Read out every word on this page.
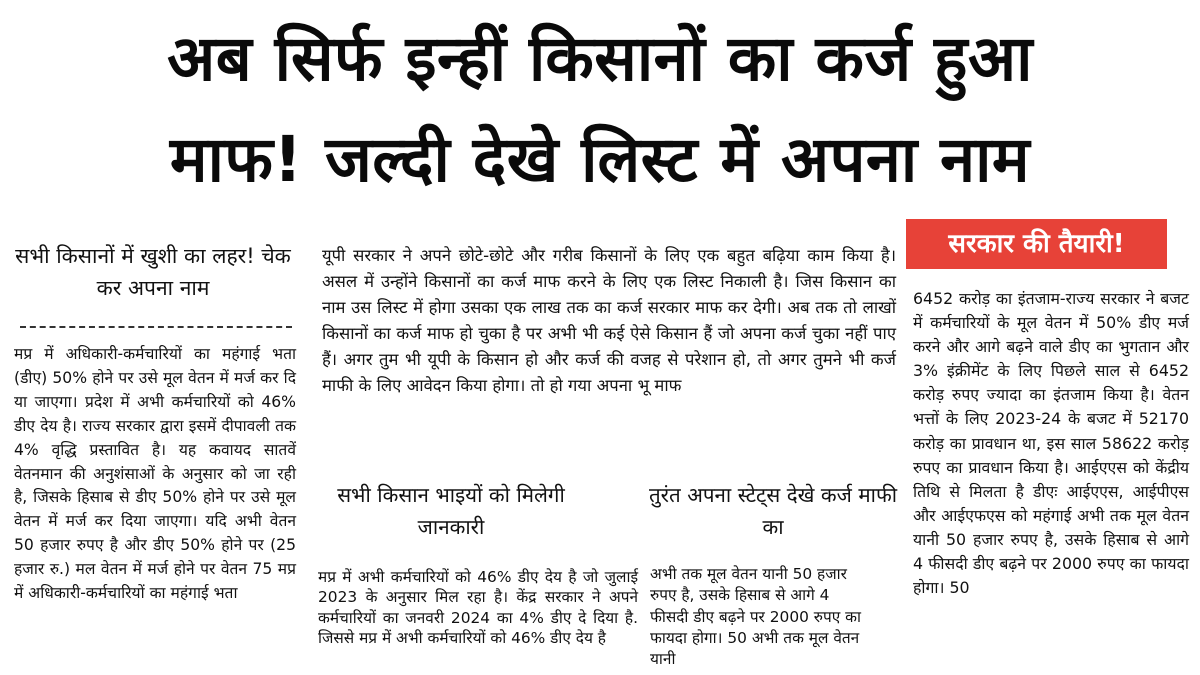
अब सिर्फ इन्हीं किसानों का कर्ज हुआ
माफ! जल्दी देखे लिस्ट में अपना नाम
सभी किसानों में खुशी का लहर! चेक कर अपना नाम

मप्र में अधिकारी-कर्मचारियों का महंगाई भता (डीए) 50% होने पर उसे मूल वेतन में मर्ज कर दि या जाएगा। प्रदेश में अभी कर्मचारियों को 46% डीए देय है। राज्य सरकार द्वारा इसमें दीपावली तक 4% वृद्धि प्रस्तावित है। यह कवायद सातवें वेतनमान की अनुशंसाओं के अनुसार को जा रही है, जिसके हिसाब से डीए 50% होने पर उसे मूल वेतन में मर्ज कर दिया जाएगा। यदि अभी वेतन 50 हजार रुपए है और डीए 50% होने पर (25 हजार रु.) मल वेतन में मर्ज होने पर वेतन 75 मप्र में अधिकारी-कर्मचारियों का महंगाई भता

यूपी सरकार ने अपने छोटे-छोटे और गरीब किसानों के लिए एक बहुत बढ़िया काम किया है। असल में उन्होंने किसानों का कर्ज माफ करने के लिए एक लिस्ट निकाली है। जिस किसान का नाम उस लिस्ट में होगा उसका एक लाख तक का कर्ज सरकार माफ कर देगी। अब तक तो लाखों किसानों का कर्ज माफ हो चुका है पर अभी भी कई ऐसे किसान हैं जो अपना कर्ज चुका नहीं पाए हैं। अगर तुम भी यूपी के किसान हो और कर्ज की वजह से परेशान हो, तो अगर तुमने भी कर्ज माफी के लिए आवेदन किया होगा। तो हो गया अपना भू माफ

सभी किसान भाइयों को मिलेगी जानकारी

मप्र में अभी कर्मचारियों को 46% डीए देय है जो जुलाई 2023 के अनुसार मिल रहा है। केंद्र सरकार ने अपने कर्मचारियों का जनवरी 2024 का 4% डीए दे दिया है. जिससे मप्र में अभी कर्मचारियों को 46% डीए देय है

तुरंत अपना स्टेट्स देखे कर्ज माफी का

अभी तक मूल वेतन यानी 50 हजार रुपए है, उसके हिसाब से आगे 4 फीसदी डीए बढ़ने पर 2000 रुपए का फायदा होगा। 50 अभी तक मूल वेतन यानी

सरकार की तैयारी!

6452 करोड़ का इंतजाम-राज्य सरकार ने बजट में कर्मचारियों के मूल वेतन में 50% डीए मर्ज करने और आगे बढ़ने वाले डीए का भुगतान और 3% इंक्रीमेंट के लिए पिछले साल से 6452 करोड़ रुपए ज्यादा का इंतजाम किया है। वेतन भत्तों के लिए 2023-24 के बजट में 52170 करोड़ का प्रावधान था, इस साल 58622 करोड़ रुपए का प्रावधान किया है। आईएएस को केंद्रीय तिथि से मिलता है डीएः आईएएस, आईपीएस और आईएफएस को महंगाई अभी तक मूल वेतन यानी 50 हजार रुपए है, उसके हिसाब से आगे 4 फीसदी डीए बढ़ने पर 2000 रुपए का फायदा होगा। 50
